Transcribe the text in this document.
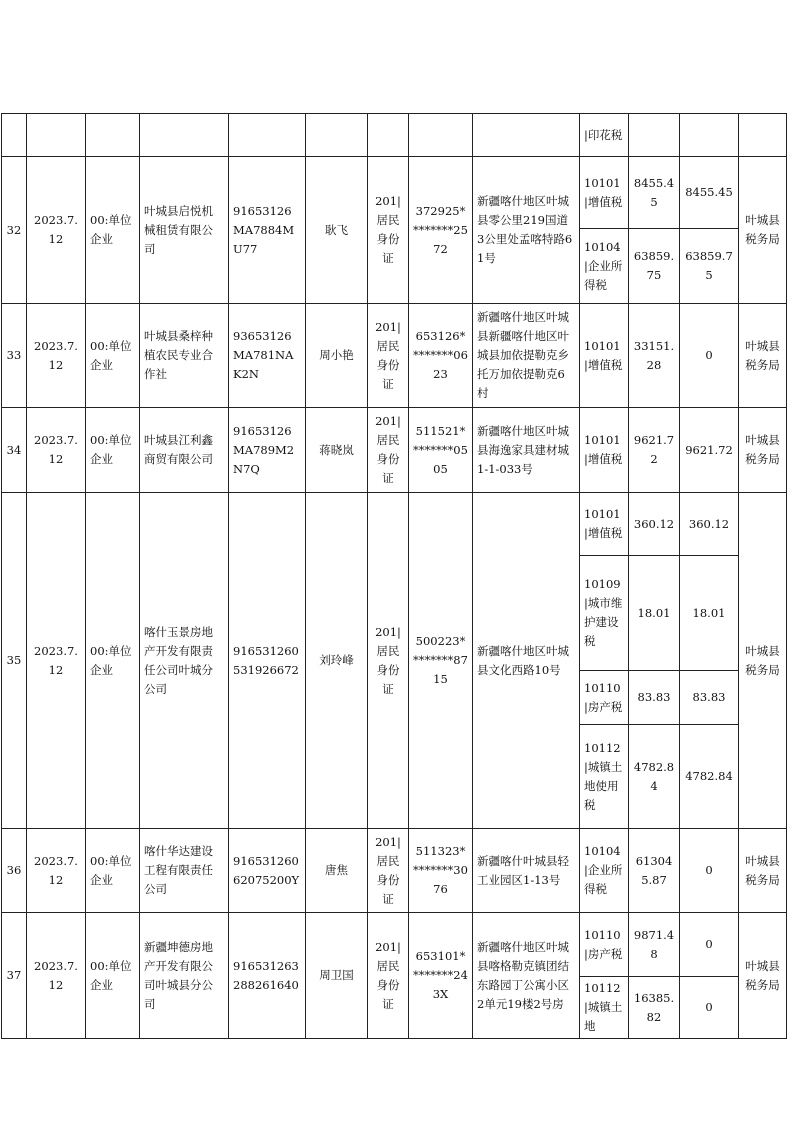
									|印花税			
32	2023.7.12	00:单位企业	叶城县启悦机械租赁有限公司	91653126MA7884MU77	耿飞	201|居民身份证	372925********2572	新疆喀什地区叶城县零公里219国道3公里处孟喀特路61号	10101|增值税	8455.45	8455.45	叶城县税务局
									10104|企业所得税	63859.75	63859.75	
33	2023.7.12	00:单位企业	叶城县桑梓种植农民专业合作社	93653126MA781NAK2N	周小艳	201|居民身份证	653126********0623	新疆喀什地区叶城县新疆喀什地区叶城县加依提勒克乡托万加依提勒克6村	10101|增值税	33151.28	0	叶城县税务局
34	2023.7.12	00:单位企业	叶城县江利鑫商贸有限公司	91653126MA789M2N7Q	蒋晓岚	201|居民身份证	511521********0505	新疆喀什地区叶城县海逸家具建材城1-1-033号	10101|增值税	9621.72	9621.72	叶城县税务局
35	2023.7.12	00:单位企业	喀什玉景房地产开发有限责任公司叶城分公司	916531260531926672	刘玲峰	201|居民身份证	500223********8715	新疆喀什地区叶城县文化西路10号	10101|增值税	360.12	360.12	叶城县税务局
									10109|城市维护建设税	18.01	18.01	
									10110|房产税	83.83	83.83	
									10112|城镇土地使用税	4782.84	4782.84	
36	2023.7.12	00:单位企业	喀什华达建设工程有限责任公司	91653126062075200Y	唐焦	201|居民身份证	511323********3076	新疆喀什叶城县轻工业园区1-13号	10104|企业所得税	613045.87	0	叶城县税务局
37	2023.7.12	00:单位企业	新疆坤德房地产开发有限公司叶城县分公司	916531263288261640	周卫国	201|居民身份证	653101********243X	新疆喀什地区叶城县喀格勒克镇团结东路园丁公寓小区2单元19楼2号房	10110|房产税	9871.48	0	叶城县税务局
									10112|城镇土地	16385.82	0	
